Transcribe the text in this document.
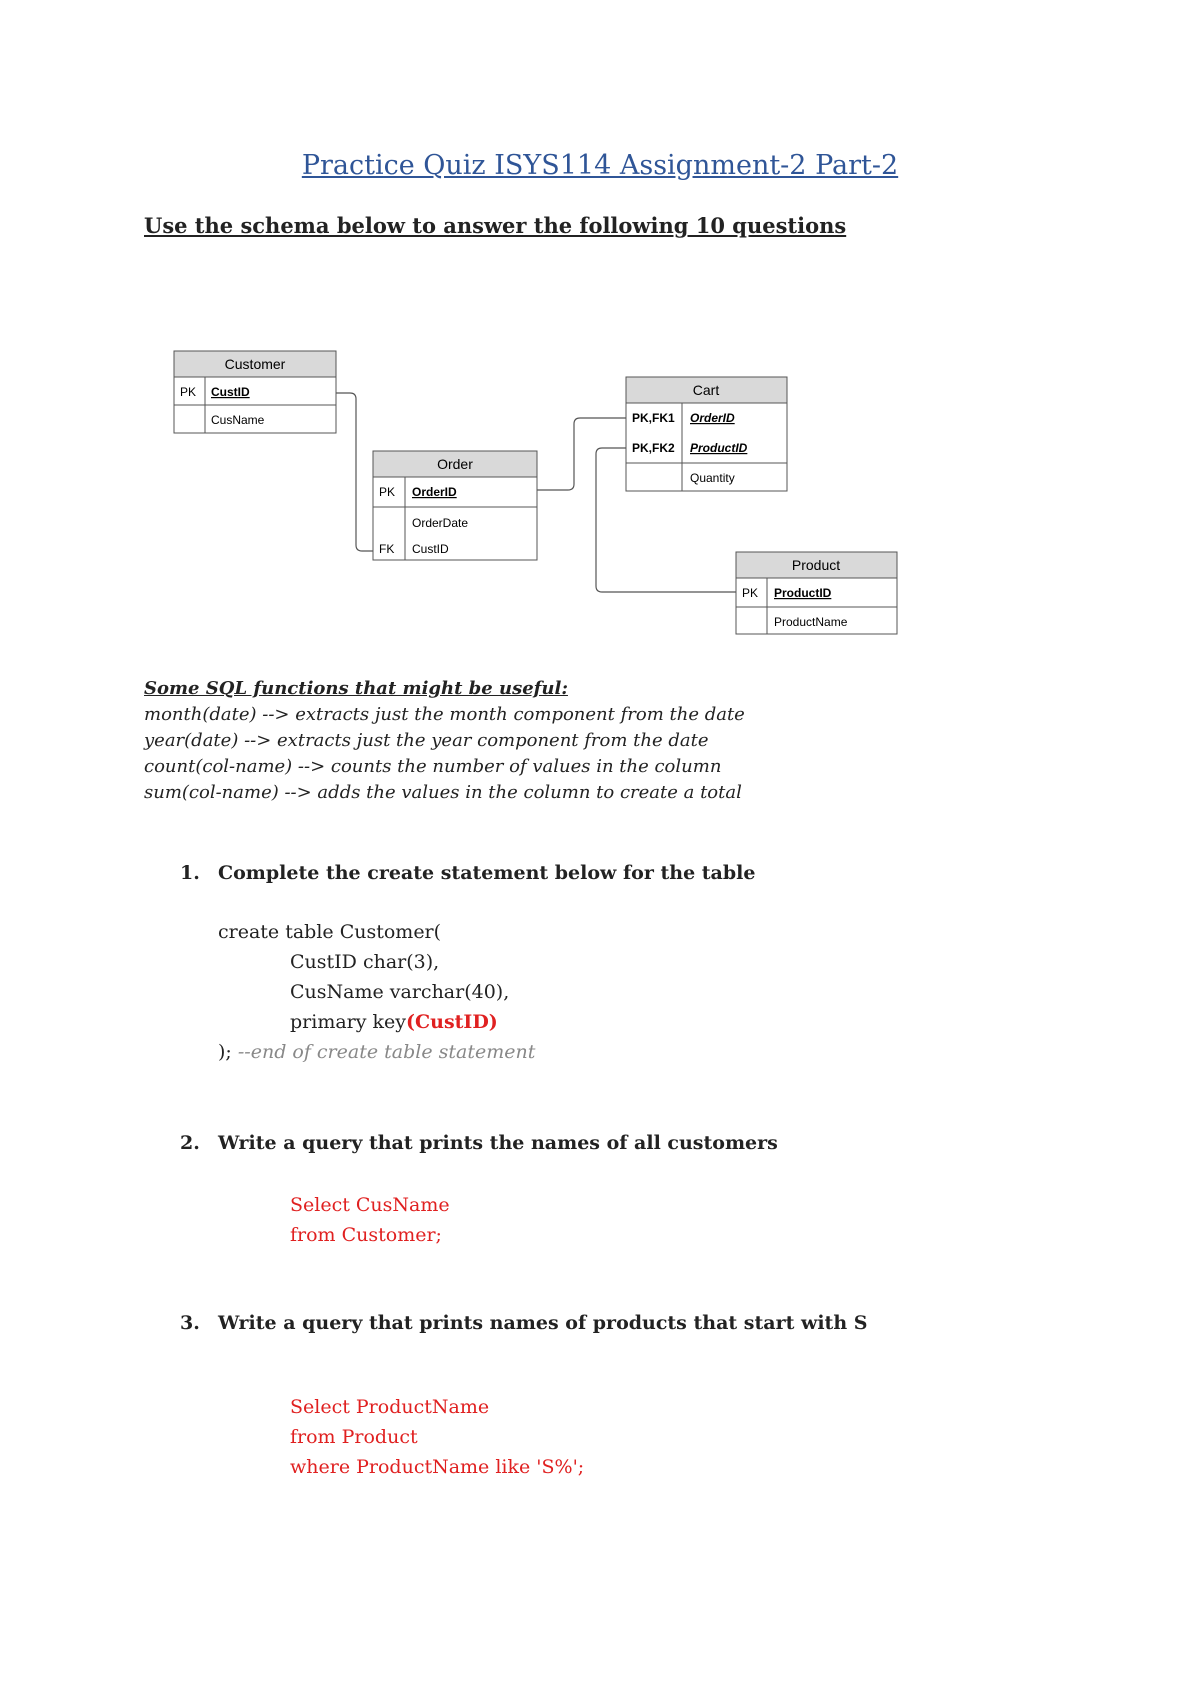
Practice Quiz ISYS114 Assignment-2 Part-2
Use the schema below to answer the following 10 questions
Customer
PK CustID
CusName
Order
PK OrderID
OrderDate
FK CustID
Cart
PK,FK1 OrderID
PK,FK2 ProductID
Quantity
Product
PK ProductID
ProductName
Some SQL functions that might be useful:
month(date) --> extracts just the month component from the date
year(date) --> extracts just the year component from the date
count(col-name) --> counts the number of values in the column
sum(col-name) --> adds the values in the column to create a total
1. Complete the create statement below for the table
create table Customer(
CustID char(3),
CusName varchar(40),
primary key(CustID)
); --end of create table statement
2. Write a query that prints the names of all customers
Select CusName
from Customer;
3. Write a query that prints names of products that start with S
Select ProductName
from Product
where ProductName like 'S%';
